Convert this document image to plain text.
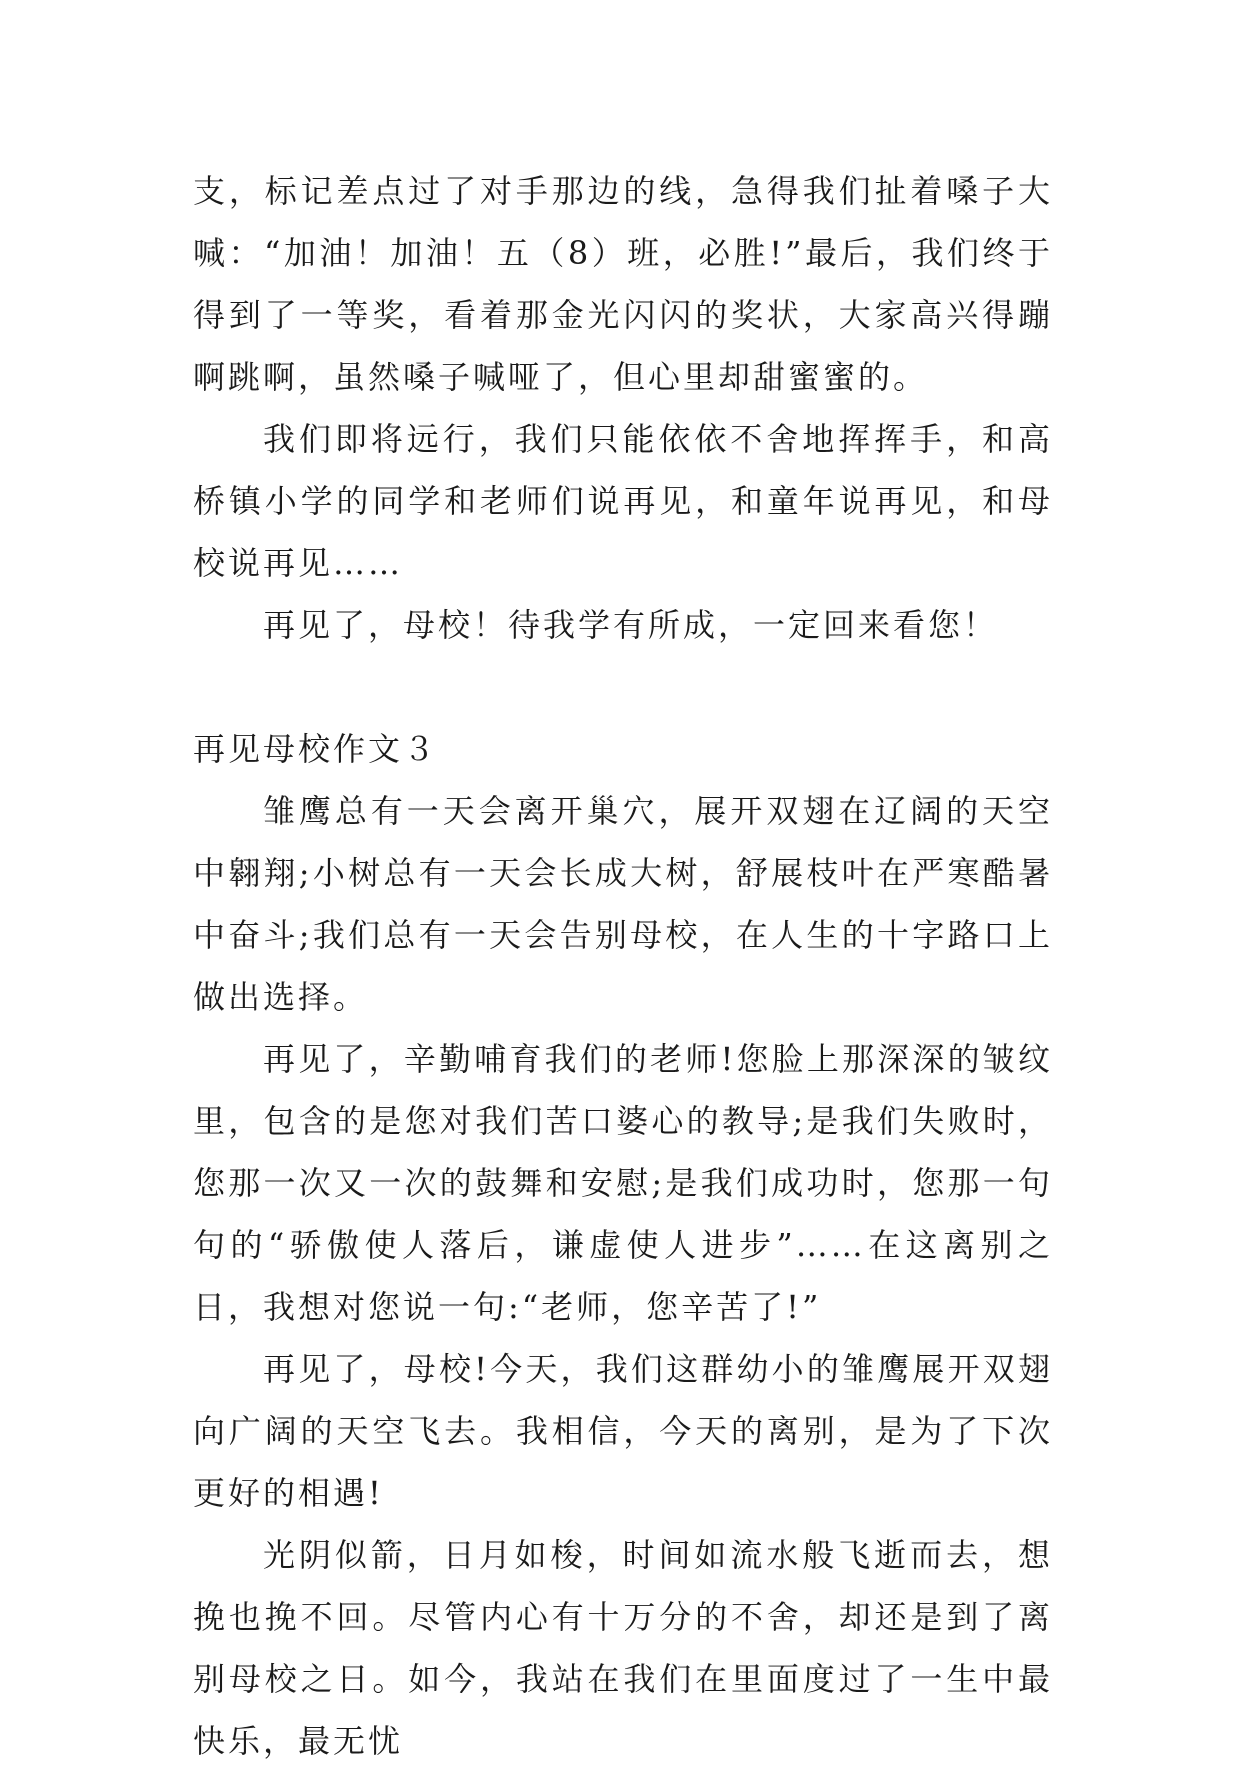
支，标记差点过了对手那边的线，急得我们扯着嗓子大喊：“加油！加油！五（8）班，必胜!”最后，我们终于得到了一等奖，看着那金光闪闪的奖状，大家高兴得蹦啊跳啊，虽然嗓子喊哑了，但心里却甜蜜蜜的。

我们即将远行，我们只能依依不舍地挥挥手，和高桥镇小学的同学和老师们说再见，和童年说再见，和母校说再见……

再见了，母校！待我学有所成，一定回来看您！

再见母校作文３

雏鹰总有一天会离开巢穴，展开双翅在辽阔的天空中翱翔;小树总有一天会长成大树，舒展枝叶在严寒酷暑中奋斗;我们总有一天会告别母校，在人生的十字路口上做出选择。

再见了，辛勤哺育我们的老师!您脸上那深深的皱纹里，包含的是您对我们苦口婆心的教导;是我们失败时，您那一次又一次的鼓舞和安慰;是我们成功时，您那一句句的“骄傲使人落后，谦虚使人进步”……在这离别之日，我想对您说一句:“老师，您辛苦了!”

再见了，母校!今天，我们这群幼小的雏鹰展开双翅向广阔的天空飞去。我相信，今天的离别，是为了下次更好的相遇!

光阴似箭，日月如梭，时间如流水般飞逝而去，想挽也挽不回。尽管内心有十万分的不舍，却还是到了离别母校之日。如今，我站在我们在里面度过了一生中最快乐，最无忧
